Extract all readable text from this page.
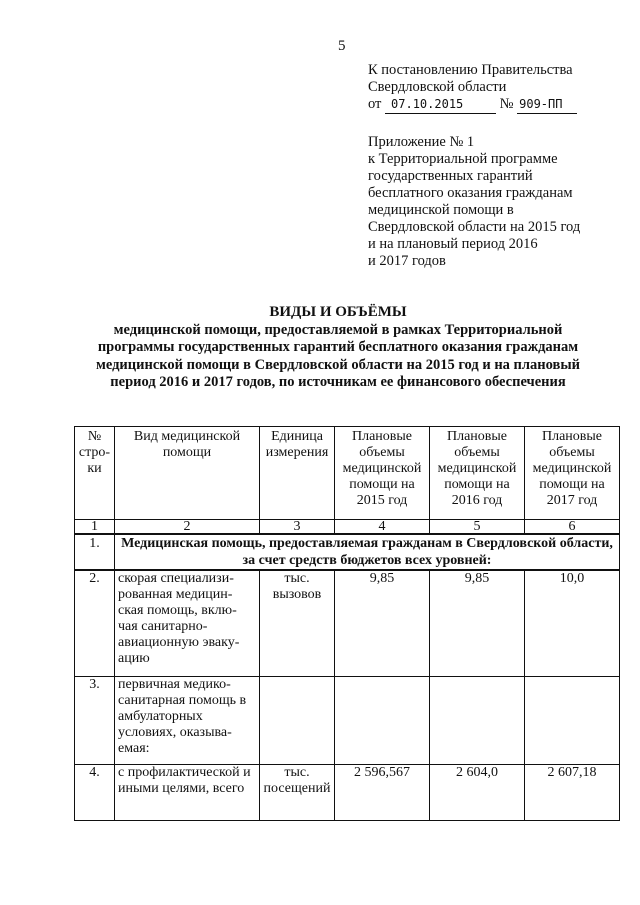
5
К постановлению Правительства
Свердловской области
от 07.10.2015	№ 909-ПП
Приложение № 1
к Территориальной программе
государственных гарантий
бесплатного оказания гражданам
медицинской помощи в
Свердловской области на 2015 год
и на плановый период 2016
и 2017 годов
ВИДЫ И ОБЪЁМЫ
медицинской помощи, предоставляемой в рамках Территориальной
программы государственных гарантий бесплатного оказания гражданам
медицинской помощи в Свердловской области на 2015 год и на плановый
период 2016 и 2017 годов, по источникам ее финансового обеспечения
№ стро-ки	Вид медицинской помощи	Единица измерения	Плановые объемы медицинской помощи на 2015 год	Плановые объемы медицинской помощи на 2016 год	Плановые объемы медицинской помощи на 2017 год
1	2	3	4	5	6
1.	Медицинская помощь, предоставляемая гражданам в Свердловской области, за счет средств бюджетов всех уровней:				
2.	скорая специализи-рованная медицин-ская помощь, вклю-чая санитарно-авиационную эваку-ацию	тыс. вызовов	9,85	9,85	10,0
3.	первичная медико-санитарная помощь в амбулаторных условиях, оказыва-емая:				
4.	с профилактической и иными целями, всего	тыс. посещений	2 596,567	2 604,0	2 607,18
